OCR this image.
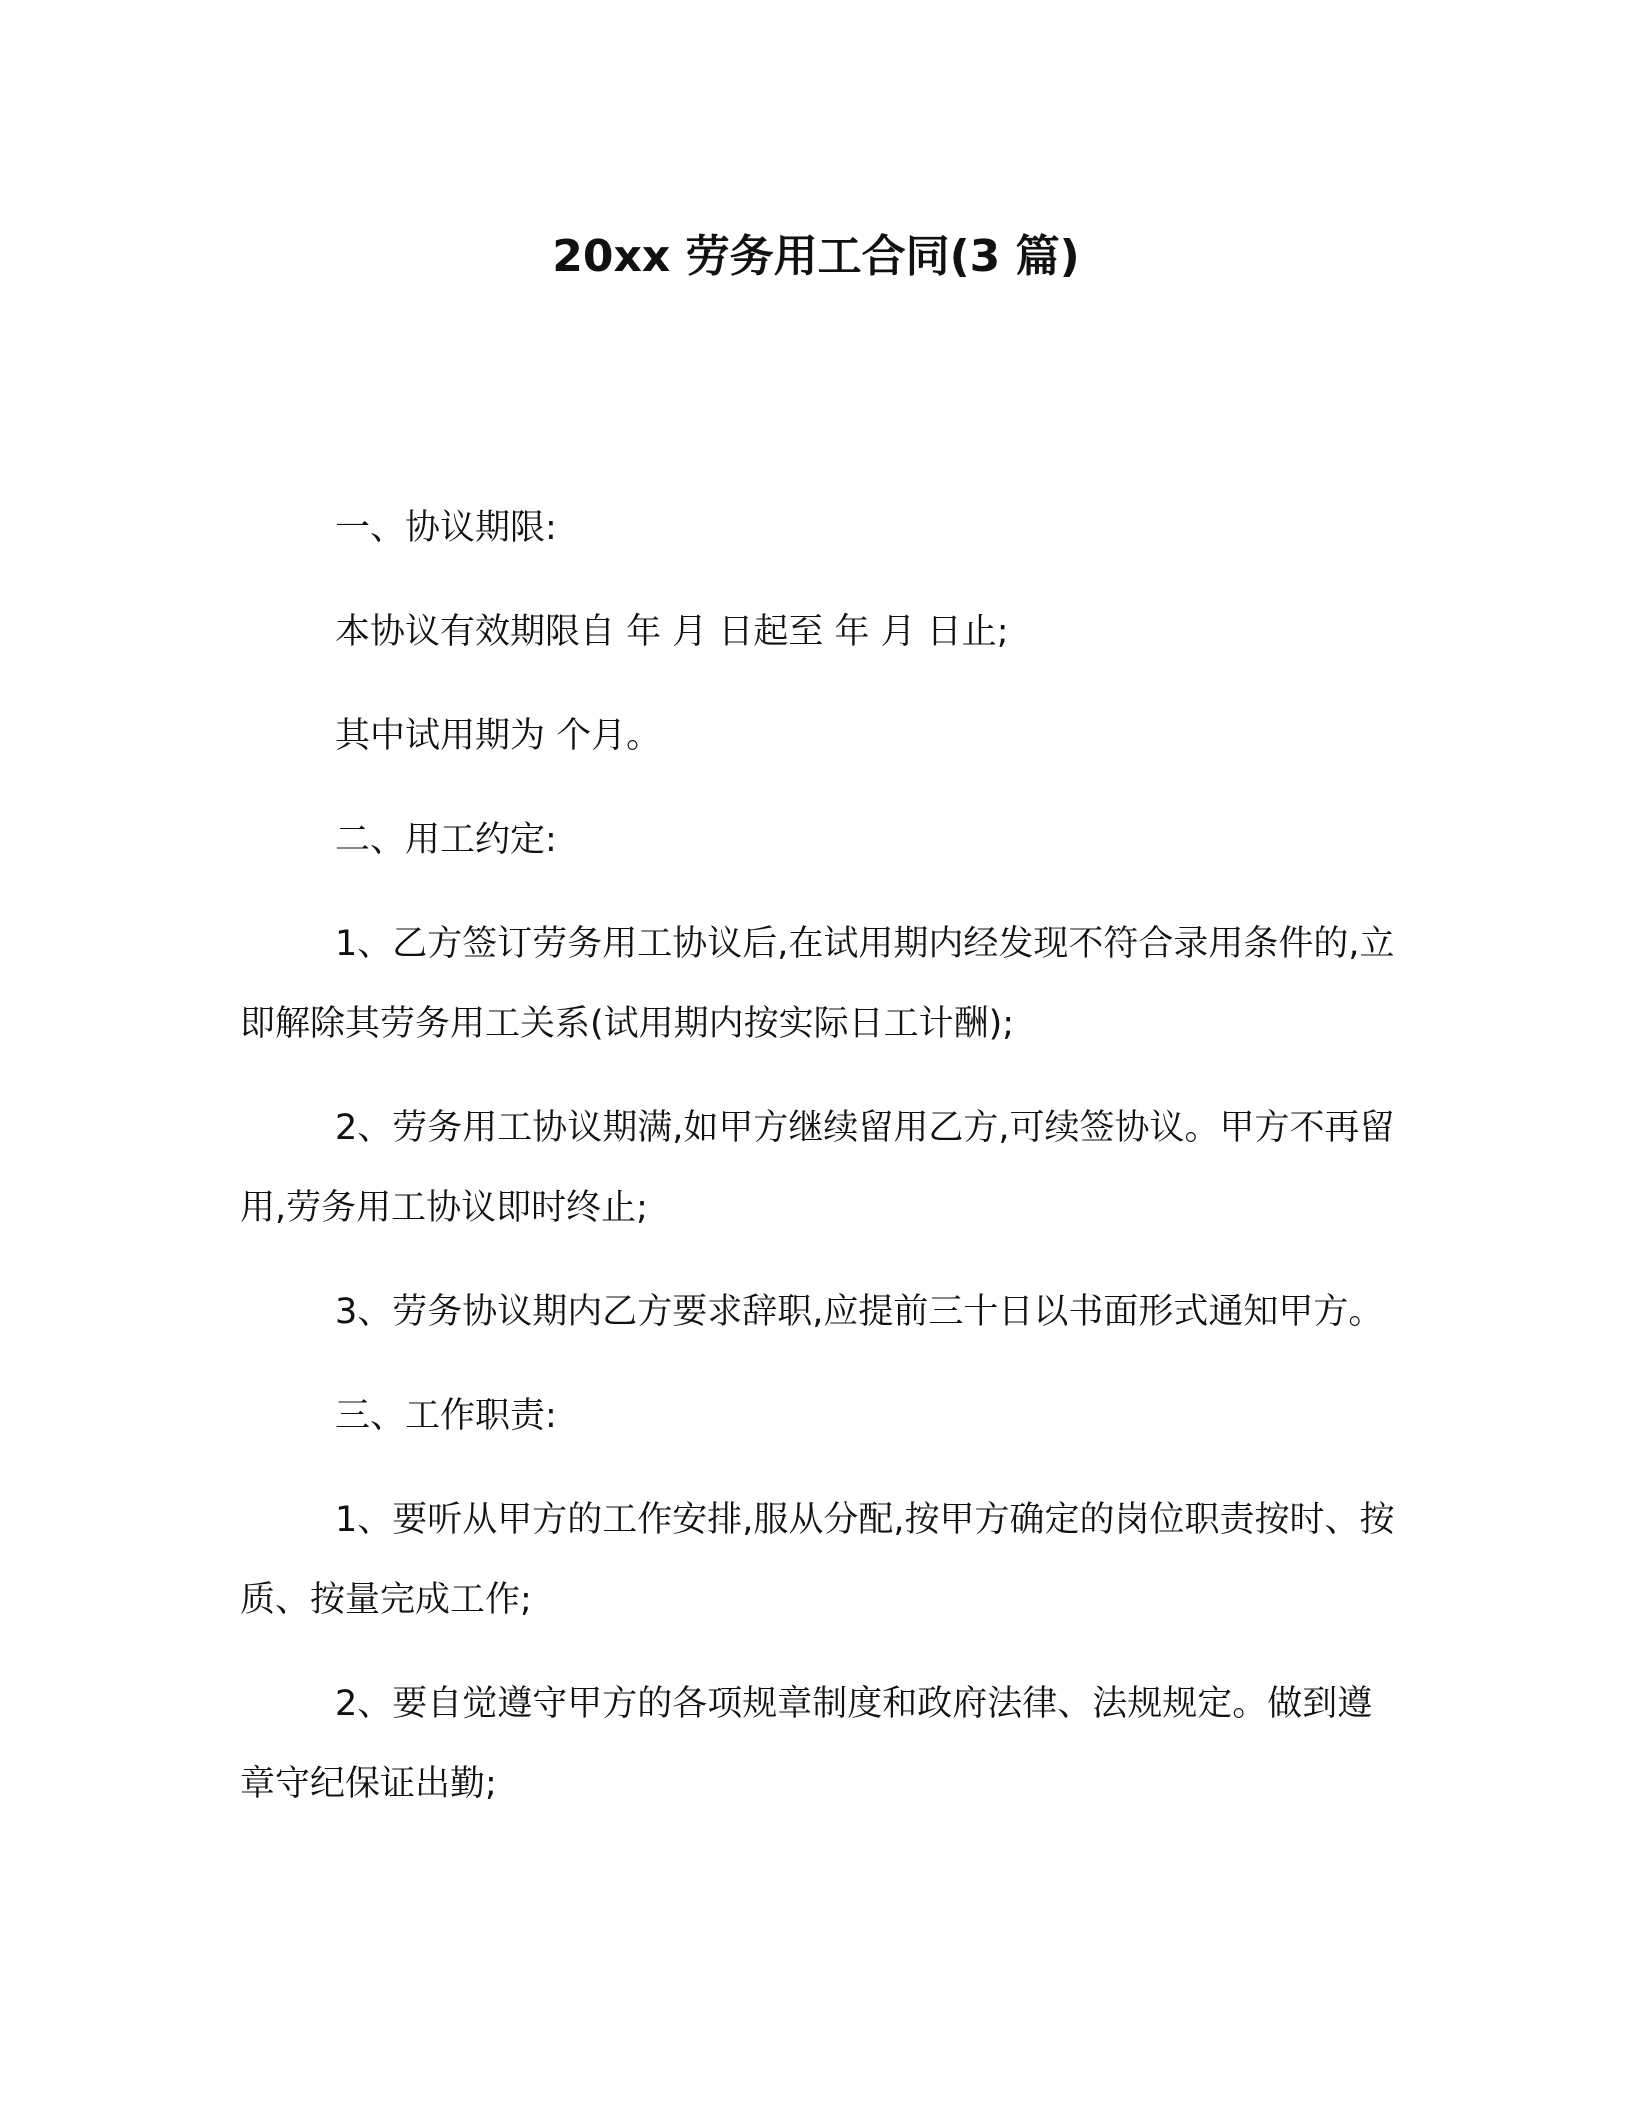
20xx 劳务用工合同(3 篇)

一、协议期限:

本协议有效期限自 年 月 日起至 年 月 日止;

其中试用期为 个月。

二、用工约定:

1、乙方签订劳务用工协议后,在试用期内经发现不符合录用条件的,立即解除其劳务用工关系(试用期内按实际日工计酬);

2、劳务用工协议期满,如甲方继续留用乙方,可续签协议。甲方不再留用,劳务用工协议即时终止;

3、劳务协议期内乙方要求辞职,应提前三十日以书面形式通知甲方。

三、工作职责:

1、要听从甲方的工作安排,服从分配,按甲方确定的岗位职责按时、按质、按量完成工作;

2、要自觉遵守甲方的各项规章制度和政府法律、法规规定。做到遵章守纪保证出勤;
